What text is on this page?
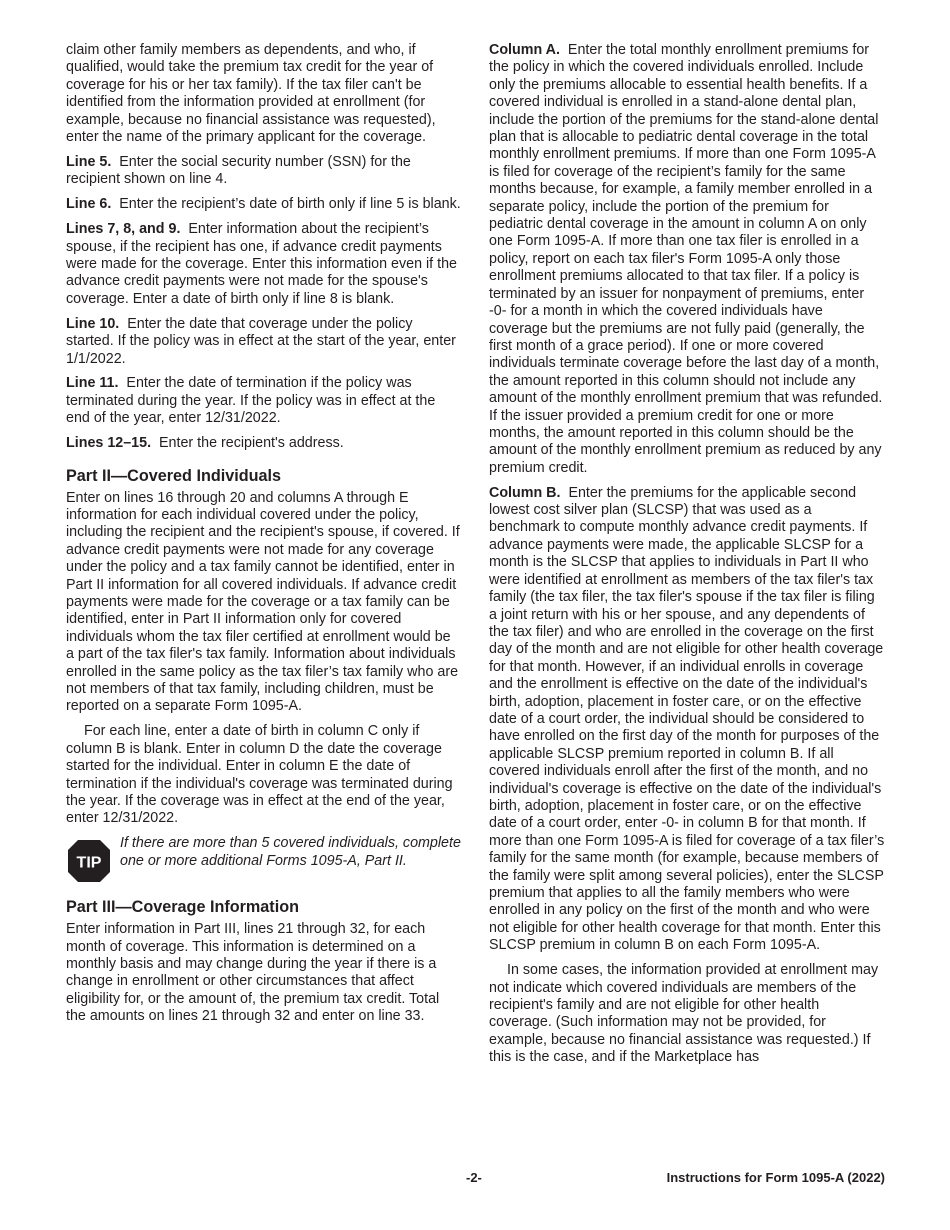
claim other family members as dependents, and who, if qualified, would take the premium tax credit for the year of coverage for his or her tax family). If the tax filer can't be identified from the information provided at enrollment (for example, because no financial assistance was requested), enter the name of the primary applicant for the coverage.

Line 5. Enter the social security number (SSN) for the recipient shown on line 4.

Line 6. Enter the recipient’s date of birth only if line 5 is blank.

Lines 7, 8, and 9. Enter information about the recipient’s spouse, if the recipient has one, if advance credit payments were made for the coverage. Enter this information even if the advance credit payments were not made for the spouse's coverage. Enter a date of birth only if line 8 is blank.

Line 10. Enter the date that coverage under the policy started. If the policy was in effect at the start of the year, enter 1/1/2022.

Line 11. Enter the date of termination if the policy was terminated during the year. If the policy was in effect at the end of the year, enter 12/31/2022.

Lines 12–15. Enter the recipient's address.

Part II—Covered Individuals

Enter on lines 16 through 20 and columns A through E information for each individual covered under the policy, including the recipient and the recipient's spouse, if covered. If advance credit payments were not made for any coverage under the policy and a tax family cannot be identified, enter in Part II information for all covered individuals. If advance credit payments were made for the coverage or a tax family can be identified, enter in Part II information only for covered individuals whom the tax filer certified at enrollment would be a part of the tax filer's tax family. Information about individuals enrolled in the same policy as the tax filer’s tax family who are not members of that tax family, including children, must be reported on a separate Form 1095-A.

For each line, enter a date of birth in column C only if column B is blank. Enter in column D the date the coverage started for the individual. Enter in column E the date of termination if the individual's coverage was terminated during the year. If the coverage was in effect at the end of the year, enter 12/31/2022.

TIP
If there are more than 5 covered individuals, complete one or more additional Forms 1095-A, Part II.
Part III—Coverage Information

Enter information in Part III, lines 21 through 32, for each month of coverage. This information is determined on a monthly basis and may change during the year if there is a change in enrollment or other circumstances that affect eligibility for, or the amount of, the premium tax credit. Total the amounts on lines 21 through 32 and enter on line 33.

Column A. Enter the total monthly enrollment premiums for the policy in which the covered individuals enrolled. Include only the premiums allocable to essential health benefits. If a covered individual is enrolled in a stand-alone dental plan, include the portion of the premiums for the stand-alone dental plan that is allocable to pediatric dental coverage in the total monthly enrollment premiums. If more than one Form 1095-A is filed for coverage of the recipient’s family for the same months because, for example, a family member enrolled in a separate policy, include the portion of the premium for pediatric dental coverage in the amount in column A on only one Form 1095-A. If more than one tax filer is enrolled in a policy, report on each tax filer's Form 1095-A only those enrollment premiums allocated to that tax filer. If a policy is terminated by an issuer for nonpayment of premiums, enter -0- for a month in which the covered individuals have coverage but the premiums are not fully paid (generally, the first month of a grace period). If one or more covered individuals terminate coverage before the last day of a month, the amount reported in this column should not include any amount of the monthly enrollment premium that was refunded. If the issuer provided a premium credit for one or more months, the amount reported in this column should be the amount of the monthly enrollment premium as reduced by any premium credit.

Column B. Enter the premiums for the applicable second lowest cost silver plan (SLCSP) that was used as a benchmark to compute monthly advance credit payments. If advance payments were made, the applicable SLCSP for a month is the SLCSP that applies to individuals in Part II who were identified at enrollment as members of the tax filer's tax family (the tax filer, the tax filer's spouse if the tax filer is filing a joint return with his or her spouse, and any dependents of the tax filer) and who are enrolled in the coverage on the first day of the month and are not eligible for other health coverage for that month. However, if an individual enrolls in coverage and the enrollment is effective on the date of the individual's birth, adoption, placement in foster care, or on the effective date of a court order, the individual should be considered to have enrolled on the first day of the month for purposes of the applicable SLCSP premium reported in column B. If all covered individuals enroll after the first of the month, and no individual's coverage is effective on the date of the individual's birth, adoption, placement in foster care, or on the effective date of a court order, enter -0- in column B for that month. If more than one Form 1095-A is filed for coverage of a tax filer’s family for the same month (for example, because members of the family were split among several policies), enter the SLCSP premium that applies to all the family members who were enrolled in any policy on the first of the month and who were not eligible for other health coverage for that month. Enter this SLCSP premium in column B on each Form 1095-A.

In some cases, the information provided at enrollment may not indicate which covered individuals are members of the recipient's family and are not eligible for other health coverage. (Such information may not be provided, for example, because no financial assistance was requested.) If this is the case, and if the Marketplace has

-2-	Instructions for Form 1095-A (2022)
